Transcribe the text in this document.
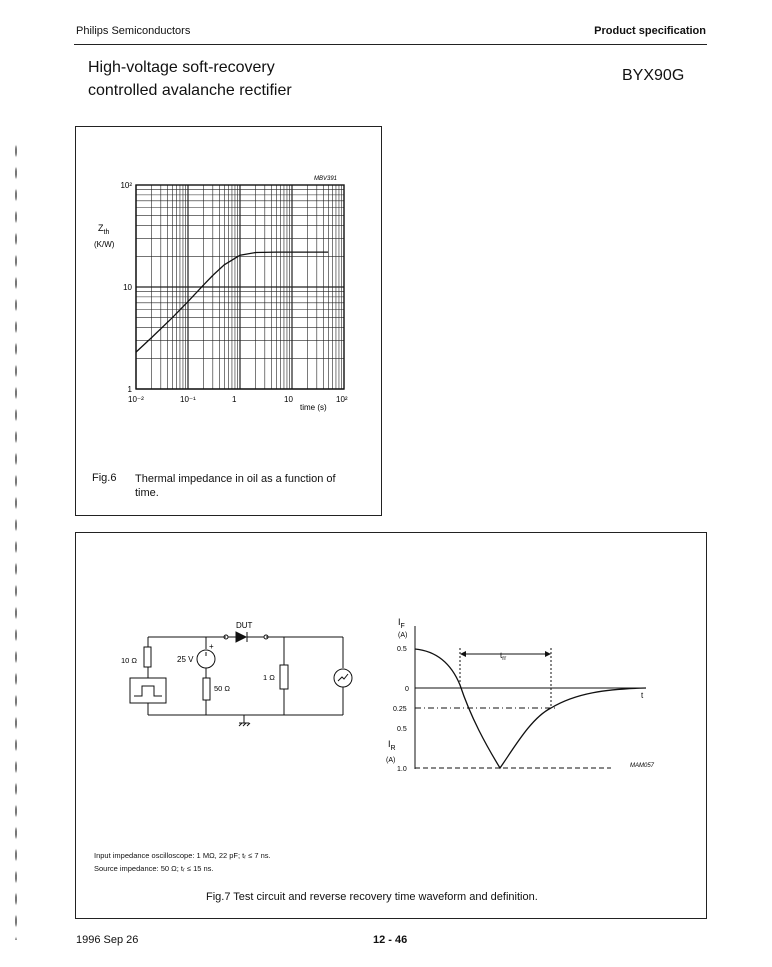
Philips Semiconductors	Product specification
High-voltage soft-recovery
controlled avalanche rectifier
BYX90G
MBV391
$Z_{th}$
(K/W)
time (s)
10⁻²	10⁻¹	1	10	10²
1
10
10²
Fig.6 Thermal impedance in oil as a function of
time.
DUT
25 V
+
10 Ω
50 Ω
1 Ω
$I_F$
(A)
$I_R$
(A)
0.5
0
0.25
0.5
1.0
t
$t_{rr}$
MAM057
Input impedance oscilloscope: 1 MΩ, 22 pF; tᵣ ≤ 7 ns.
Source impedance: 50 Ω; tᵣ ≤ 15 ns.
Fig.7 Test circuit and reverse recovery time waveform and definition.
1996 Sep 26	12 - 46
